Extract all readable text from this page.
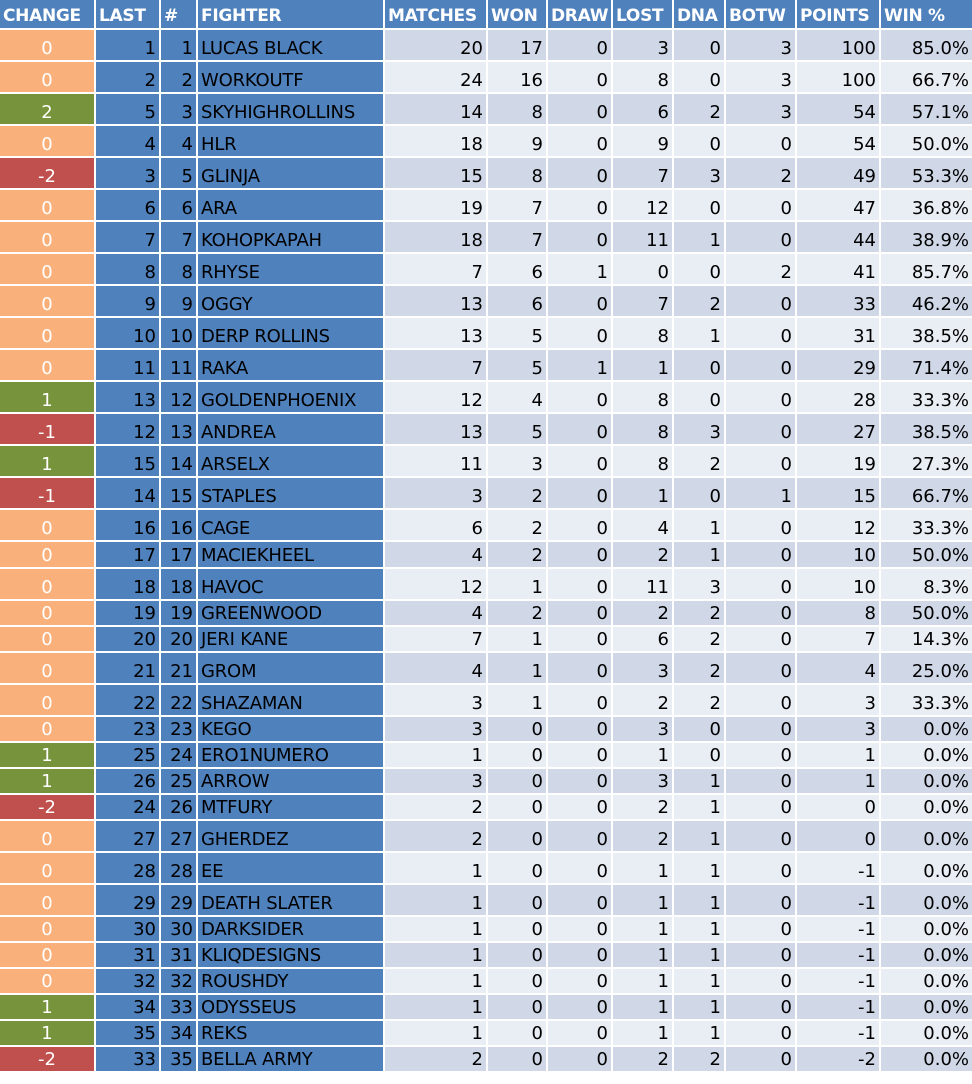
CHANGE	LAST	#	FIGHTER	MATCHES	WON	DRAW	LOST	DNA	BOTW	POINTS	WIN %
0	1	1	LUCAS BLACK	20	17	0	3	0	3	100	85.0%
0	2	2	WORKOUTF	24	16	0	8	0	3	100	66.7%
2	5	3	SKYHIGHROLLINS	14	8	0	6	2	3	54	57.1%
0	4	4	HLR	18	9	0	9	0	0	54	50.0%
-2	3	5	GLINJA	15	8	0	7	3	2	49	53.3%
0	6	6	ARA	19	7	0	12	0	0	47	36.8%
0	7	7	KOHOPKAPAH	18	7	0	11	1	0	44	38.9%
0	8	8	RHYSE	7	6	1	0	0	2	41	85.7%
0	9	9	OGGY	13	6	0	7	2	0	33	46.2%
0	10	10	DERP ROLLINS	13	5	0	8	1	0	31	38.5%
0	11	11	RAKA	7	5	1	1	0	0	29	71.4%
1	13	12	GOLDENPHOENIX	12	4	0	8	0	0	28	33.3%
-1	12	13	ANDREA	13	5	0	8	3	0	27	38.5%
1	15	14	ARSELX	11	3	0	8	2	0	19	27.3%
-1	14	15	STAPLES	3	2	0	1	0	1	15	66.7%
0	16	16	CAGE	6	2	0	4	1	0	12	33.3%
0	17	17	MACIEKHEEL	4	2	0	2	1	0	10	50.0%
0	18	18	HAVOC	12	1	0	11	3	0	10	8.3%
0	19	19	GREENWOOD	4	2	0	2	2	0	8	50.0%
0	20	20	JERI KANE	7	1	0	6	2	0	7	14.3%
0	21	21	GROM	4	1	0	3	2	0	4	25.0%
0	22	22	SHAZAMAN	3	1	0	2	2	0	3	33.3%
0	23	23	KEGO	3	0	0	3	0	0	3	0.0%
1	25	24	ERO1NUMERO	1	0	0	1	0	0	1	0.0%
1	26	25	ARROW	3	0	0	3	1	0	1	0.0%
-2	24	26	MTFURY	2	0	0	2	1	0	0	0.0%
0	27	27	GHERDEZ	2	0	0	2	1	0	0	0.0%
0	28	28	EE	1	0	0	1	1	0	-1	0.0%
0	29	29	DEATH SLATER	1	0	0	1	1	0	-1	0.0%
0	30	30	DARKSIDER	1	0	0	1	1	0	-1	0.0%
0	31	31	KLIQDESIGNS	1	0	0	1	1	0	-1	0.0%
0	32	32	ROUSHDY	1	0	0	1	1	0	-1	0.0%
1	34	33	ODYSSEUS	1	0	0	1	1	0	-1	0.0%
1	35	34	REKS	1	0	0	1	1	0	-1	0.0%
-2	33	35	BELLA ARMY	2	0	0	2	2	0	-2	0.0%
